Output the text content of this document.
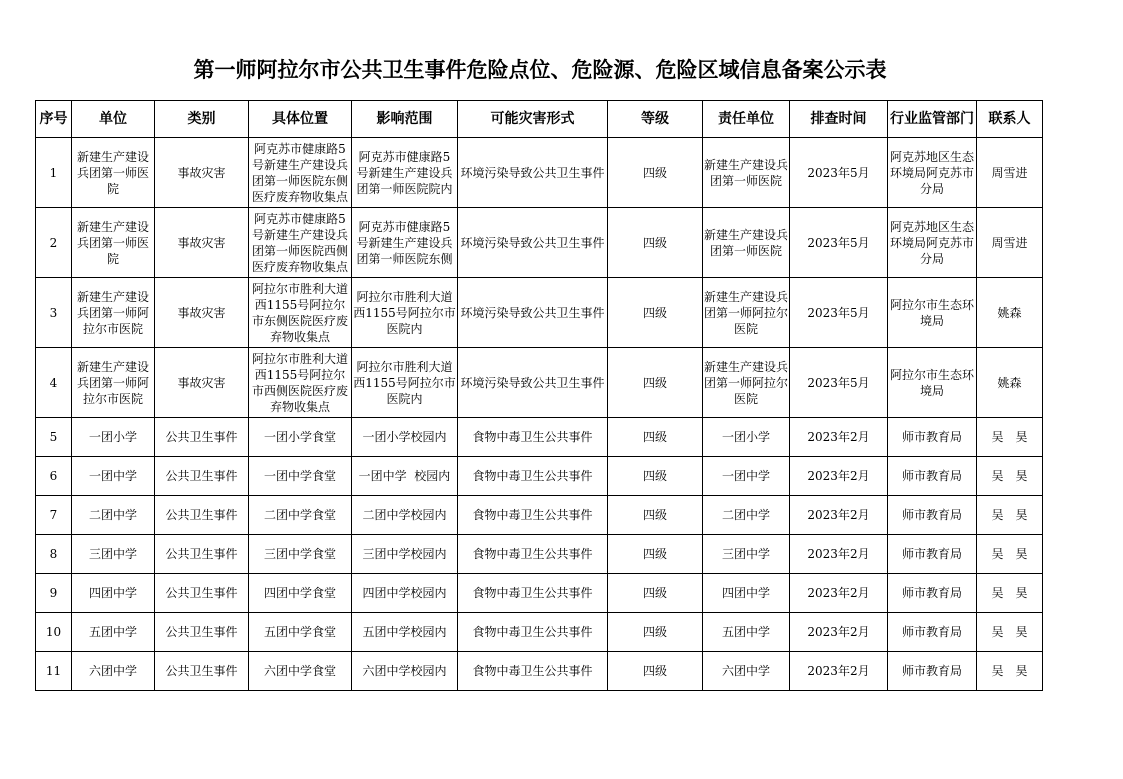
第一师阿拉尔市公共卫生事件危险点位、危险源、危险区域信息备案公示表
序号	单位	类别	具体位置	影响范围	可能灾害形式	等级	责任单位	排查时间	行业监管部门	联系人
1	新建生产建设兵团第一师医院	事故灾害	阿克苏市健康路5号新建生产建设兵团第一师医院东侧医疗废弃物收集点	阿克苏市健康路5号新建生产建设兵团第一师医院院内	环境污染导致公共卫生事件	四级	新建生产建设兵团第一师医院	2023年5月	阿克苏地区生态环境局阿克苏市分局	周雪进
2	新建生产建设兵团第一师医院	事故灾害	阿克苏市健康路5号新建生产建设兵团第一师医院西侧医疗废弃物收集点	阿克苏市健康路5号新建生产建设兵团第一师医院东侧	环境污染导致公共卫生事件	四级	新建生产建设兵团第一师医院	2023年5月	阿克苏地区生态环境局阿克苏市分局	周雪进
3	新建生产建设兵团第一师阿拉尔市医院	事故灾害	阿拉尔市胜利大道西1155号阿拉尔市东侧医院医疗废弃物收集点	阿拉尔市胜利大道西1155号阿拉尔市医院内	环境污染导致公共卫生事件	四级	新建生产建设兵团第一师阿拉尔医院	2023年5月	阿拉尔市生态环境局	姚森
4	新建生产建设兵团第一师阿拉尔市医院	事故灾害	阿拉尔市胜利大道西1155号阿拉尔市西侧医院医疗废弃物收集点	阿拉尔市胜利大道西1155号阿拉尔市医院内	环境污染导致公共卫生事件	四级	新建生产建设兵团第一师阿拉尔医院	2023年5月	阿拉尔市生态环境局	姚森
5	一团小学	公共卫生事件	一团小学食堂	一团小学校园内	食物中毒卫生公共事件	四级	一团小学	2023年2月	师市教育局	吴　昊
6	一团中学	公共卫生事件	一团中学食堂	一团中学  校园内	食物中毒卫生公共事件	四级	一团中学	2023年2月	师市教育局	吴　昊
7	二团中学	公共卫生事件	二团中学食堂	二团中学校园内	食物中毒卫生公共事件	四级	二团中学	2023年2月	师市教育局	吴　昊
8	三团中学	公共卫生事件	三团中学食堂	三团中学校园内	食物中毒卫生公共事件	四级	三团中学	2023年2月	师市教育局	吴　昊
9	四团中学	公共卫生事件	四团中学食堂	四团中学校园内	食物中毒卫生公共事件	四级	四团中学	2023年2月	师市教育局	吴　昊
10	五团中学	公共卫生事件	五团中学食堂	五团中学校园内	食物中毒卫生公共事件	四级	五团中学	2023年2月	师市教育局	吴　昊
11	六团中学	公共卫生事件	六团中学食堂	六团中学校园内	食物中毒卫生公共事件	四级	六团中学	2023年2月	师市教育局	吴　昊
